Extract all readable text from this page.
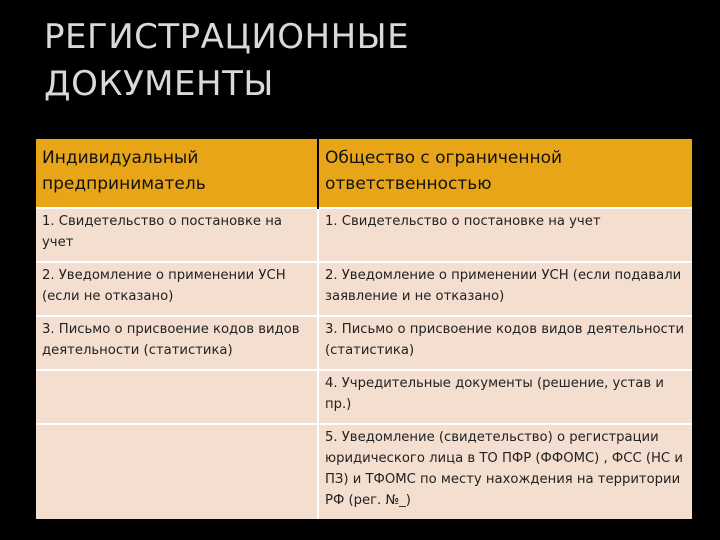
РЕГИСТРАЦИОННЫЕ
ДОКУМЕНТЫ
Индивидуальный предприниматель	Общество с ограниченной ответственностью
1. Свидетельство о постановке на учет	1. Свидетельство о постановке на учет
2. Уведомление о применении УСН (если не отказано)	2. Уведомление о применении УСН (если подавали заявление и не отказано)
3. Письмо о присвоение кодов видов деятельности (статистика)	3. Письмо о присвоение кодов видов деятельности (статистика)
	4. Учредительные документы (решение, устав и пр.)
	5. Уведомление (свидетельство) о регистрации юридического лица в ТО ПФР (ФФОМС) , ФСС (НС и ПЗ) и ТФОМС по месту нахождения на территории РФ (рег. №_)
